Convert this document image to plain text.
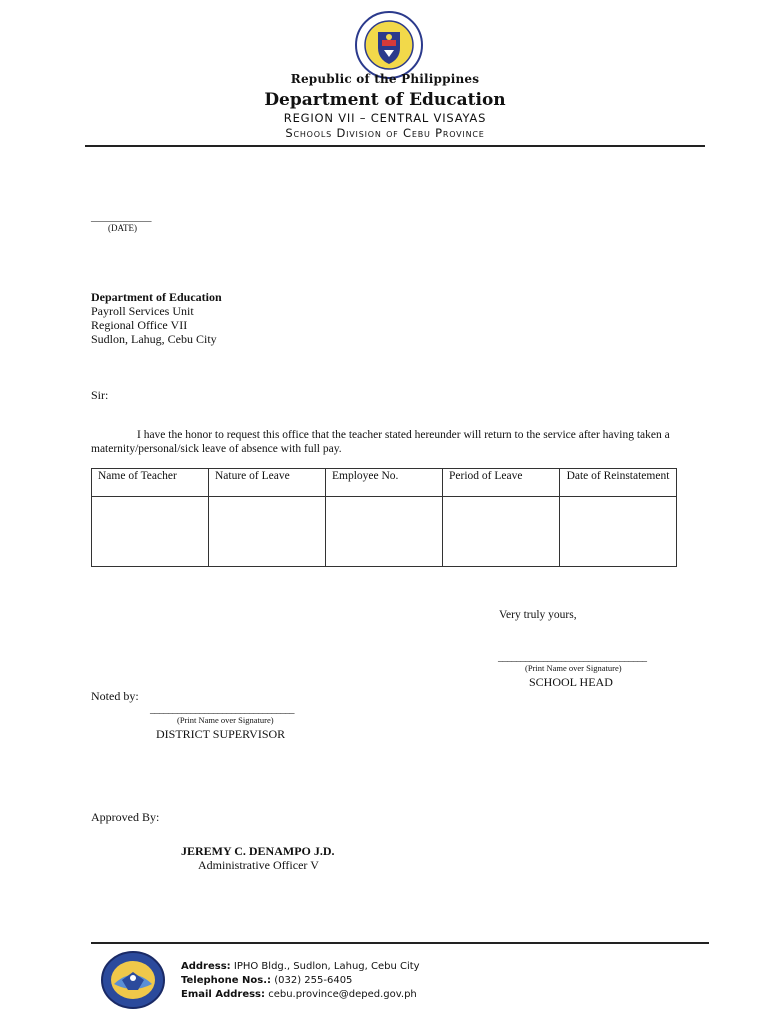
Republic of the Philippines
Department of Education
REGION VII – CENTRAL VISAYAS
Schools Division of Cebu Province
___________
(DATE)
Department of Education
Payroll Services Unit
Regional Office VII
Sudlon, Lahug, Cebu City
Sir:
I have the honor to request this office that the teacher stated hereunder will return to the service after having taken a maternity/personal/sick leave of absence with full pay.
Name of Teacher	Nature of Leave	Employee No.	Period of Leave	Date of Reinstatement

Very truly yours,
_________________________________
(Print Name over Signature)
SCHOOL HEAD
Noted by:
________________________________
(Print Name over Signature)
DISTRICT SUPERVISOR
Approved By:
JEREMY C. DENAMPO J.D.
Administrative Officer V
Address: IPHO Bldg., Sudlon, Lahug, Cebu City
Telephone Nos.: (032) 255-6405
Email Address: cebu.province@deped.gov.ph
